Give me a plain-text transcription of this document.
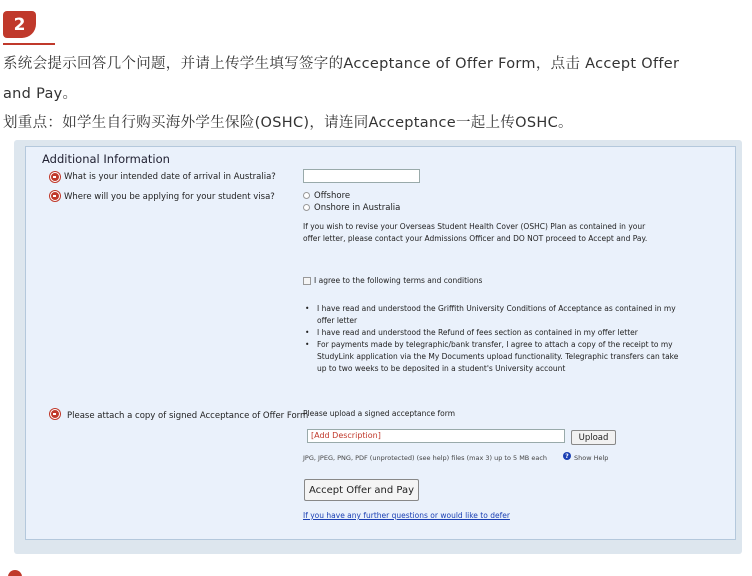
2
系统会提示回答几个问题，并请上传学生填写签字的Acceptance of Offer Form，点击 Accept Offer
and Pay。
划重点：如学生自行购买海外学生保险(OSHC)，请连同Acceptance一起上传OSHC。
Additional Information
What is your intended date of arrival in Australia?
Where will you be applying for your student visa?	Offshore
Onshore in Australia
If you wish to revise your Overseas Student Health Cover (OSHC) Plan as contained in your
offer letter, please contact your Admissions Officer and DO NOT proceed to Accept and Pay.
I agree to the following terms and conditions
• I have read and understood the Griffith University Conditions of Acceptance as contained in my offer letter
• I have read and understood the Refund of fees section as contained in my offer letter
• For payments made by telegraphic/bank transfer, I agree to attach a copy of the receipt to my StudyLink application via the My Documents upload functionality. Telegraphic transfers can take up to two weeks to be deposited in a student's University account
Please attach a copy of signed Acceptance of Offer Form
Please upload a signed acceptance form
[Add Description]	Upload
JPG, JPEG, PNG, PDF (unprotected) (see help) files (max 3) up to 5 MB each	? Show Help
Accept Offer and Pay
If you have any further questions or would like to defer
